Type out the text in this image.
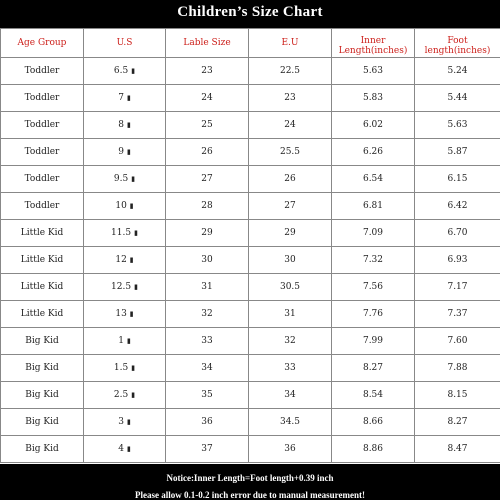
Children’s Size Chart
Age Group	U.S	Lable Size	E.U	Inner Length(inches)	Foot length(inches)
Toddler	6.5 ▮	23	22.5	5.63	5.24
Toddler	7 ▮	24	23	5.83	5.44
Toddler	8 ▮	25	24	6.02	5.63
Toddler	9 ▮	26	25.5	6.26	5.87
Toddler	9.5 ▮	27	26	6.54	6.15
Toddler	10 ▮	28	27	6.81	6.42
Little Kid	11.5 ▮	29	29	7.09	6.70
Little Kid	12 ▮	30	30	7.32	6.93
Little Kid	12.5 ▮	31	30.5	7.56	7.17
Little Kid	13 ▮	32	31	7.76	7.37
Big Kid	1 ▮	33	32	7.99	7.60
Big Kid	1.5 ▮	34	33	8.27	7.88
Big Kid	2.5 ▮	35	34	8.54	8.15
Big Kid	3 ▮	36	34.5	8.66	8.27
Big Kid	4 ▮	37	36	8.86	8.47
Notice:Inner Length=Foot length+0.39 inch
Please allow 0.1-0.2 inch error due to manual measurement!
